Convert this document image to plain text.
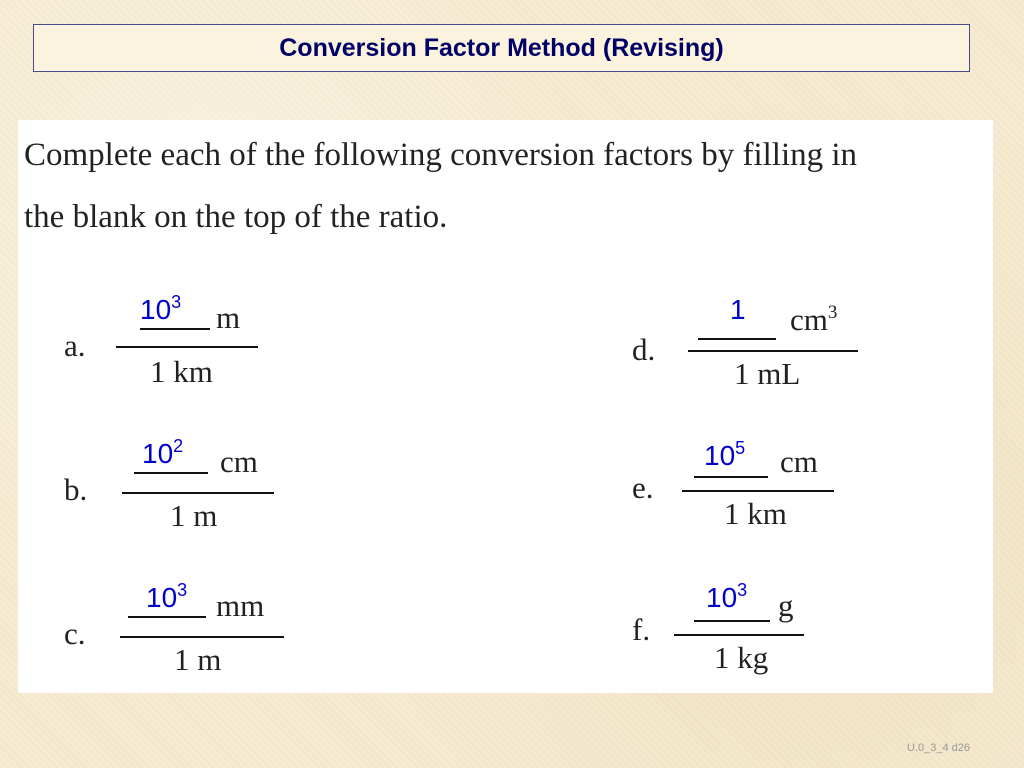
Conversion Factor Method (Revising)
Complete each of the following conversion factors by filling in
the blank on the top of the ratio.
a.
$10^3$ m
1 km
b.
$10^2$ cm
1 m
c.
$10^3$ mm
1 m
d.
1 $cm^3$
1 mL
e.
$10^5$ cm
1 km
f.
$10^3$ g
1 kg
U.0_3_4 d26
